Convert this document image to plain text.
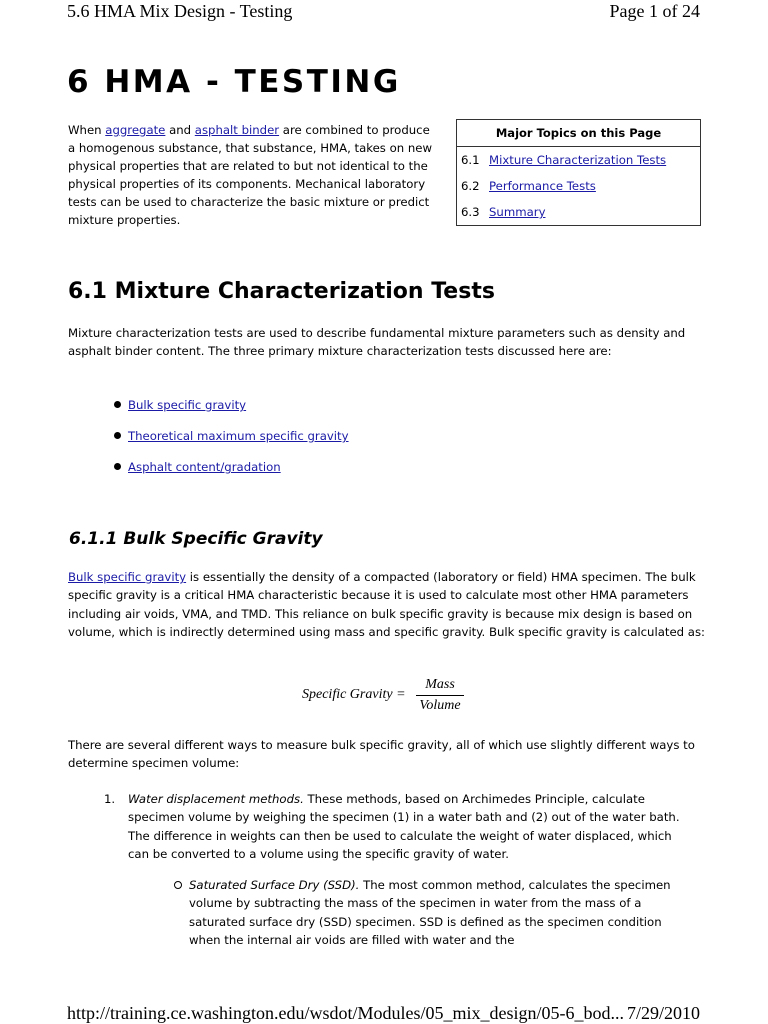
5.6 HMA Mix Design - Testing	Page 1 of 24
6 HMA - TESTING

When aggregate and asphalt binder are combined to produce a homogenous substance, that substance, HMA, takes on new physical properties that are related to but not identical to the physical properties of its components. Mechanical laboratory tests can be used to characterize the basic mixture or predict mixture properties.

Major Topics on this Page
6.1 Mixture Characterization Tests
6.2 Performance Tests
6.3 Summary
6.1 Mixture Characterization Tests

Mixture characterization tests are used to describe fundamental mixture parameters such as density and asphalt binder content. The three primary mixture characterization tests discussed here are:

Bulk specific gravity
Theoretical maximum specific gravity
Asphalt content/gradation
6.1.1 Bulk Specific Gravity

Bulk specific gravity is essentially the density of a compacted (laboratory or field) HMA specimen. The bulk specific gravity is a critical HMA characteristic because it is used to calculate most other HMA parameters including air voids, VMA, and TMD. This reliance on bulk specific gravity is because mix design is based on volume, which is indirectly determined using mass and specific gravity. Bulk specific gravity is calculated as:

Specific Gravity =
Mass
Volume

There are several different ways to measure bulk specific gravity, all of which use slightly different ways to determine specimen volume:

1. Water displacement methods. These methods, based on Archimedes Principle, calculate specimen volume by weighing the specimen (1) in a water bath and (2) out of the water bath. The difference in weights can then be used to calculate the weight of water displaced, which can be converted to a volume using the specific gravity of water.
Saturated Surface Dry (SSD). The most common method, calculates the specimen volume by subtracting the mass of the specimen in water from the mass of a saturated surface dry (SSD) specimen. SSD is defined as the specimen condition when the internal air voids are filled with water and the
http://training.ce.washington.edu/wsdot/Modules/05_mix_design/05-6_bod... 7/29/2010
